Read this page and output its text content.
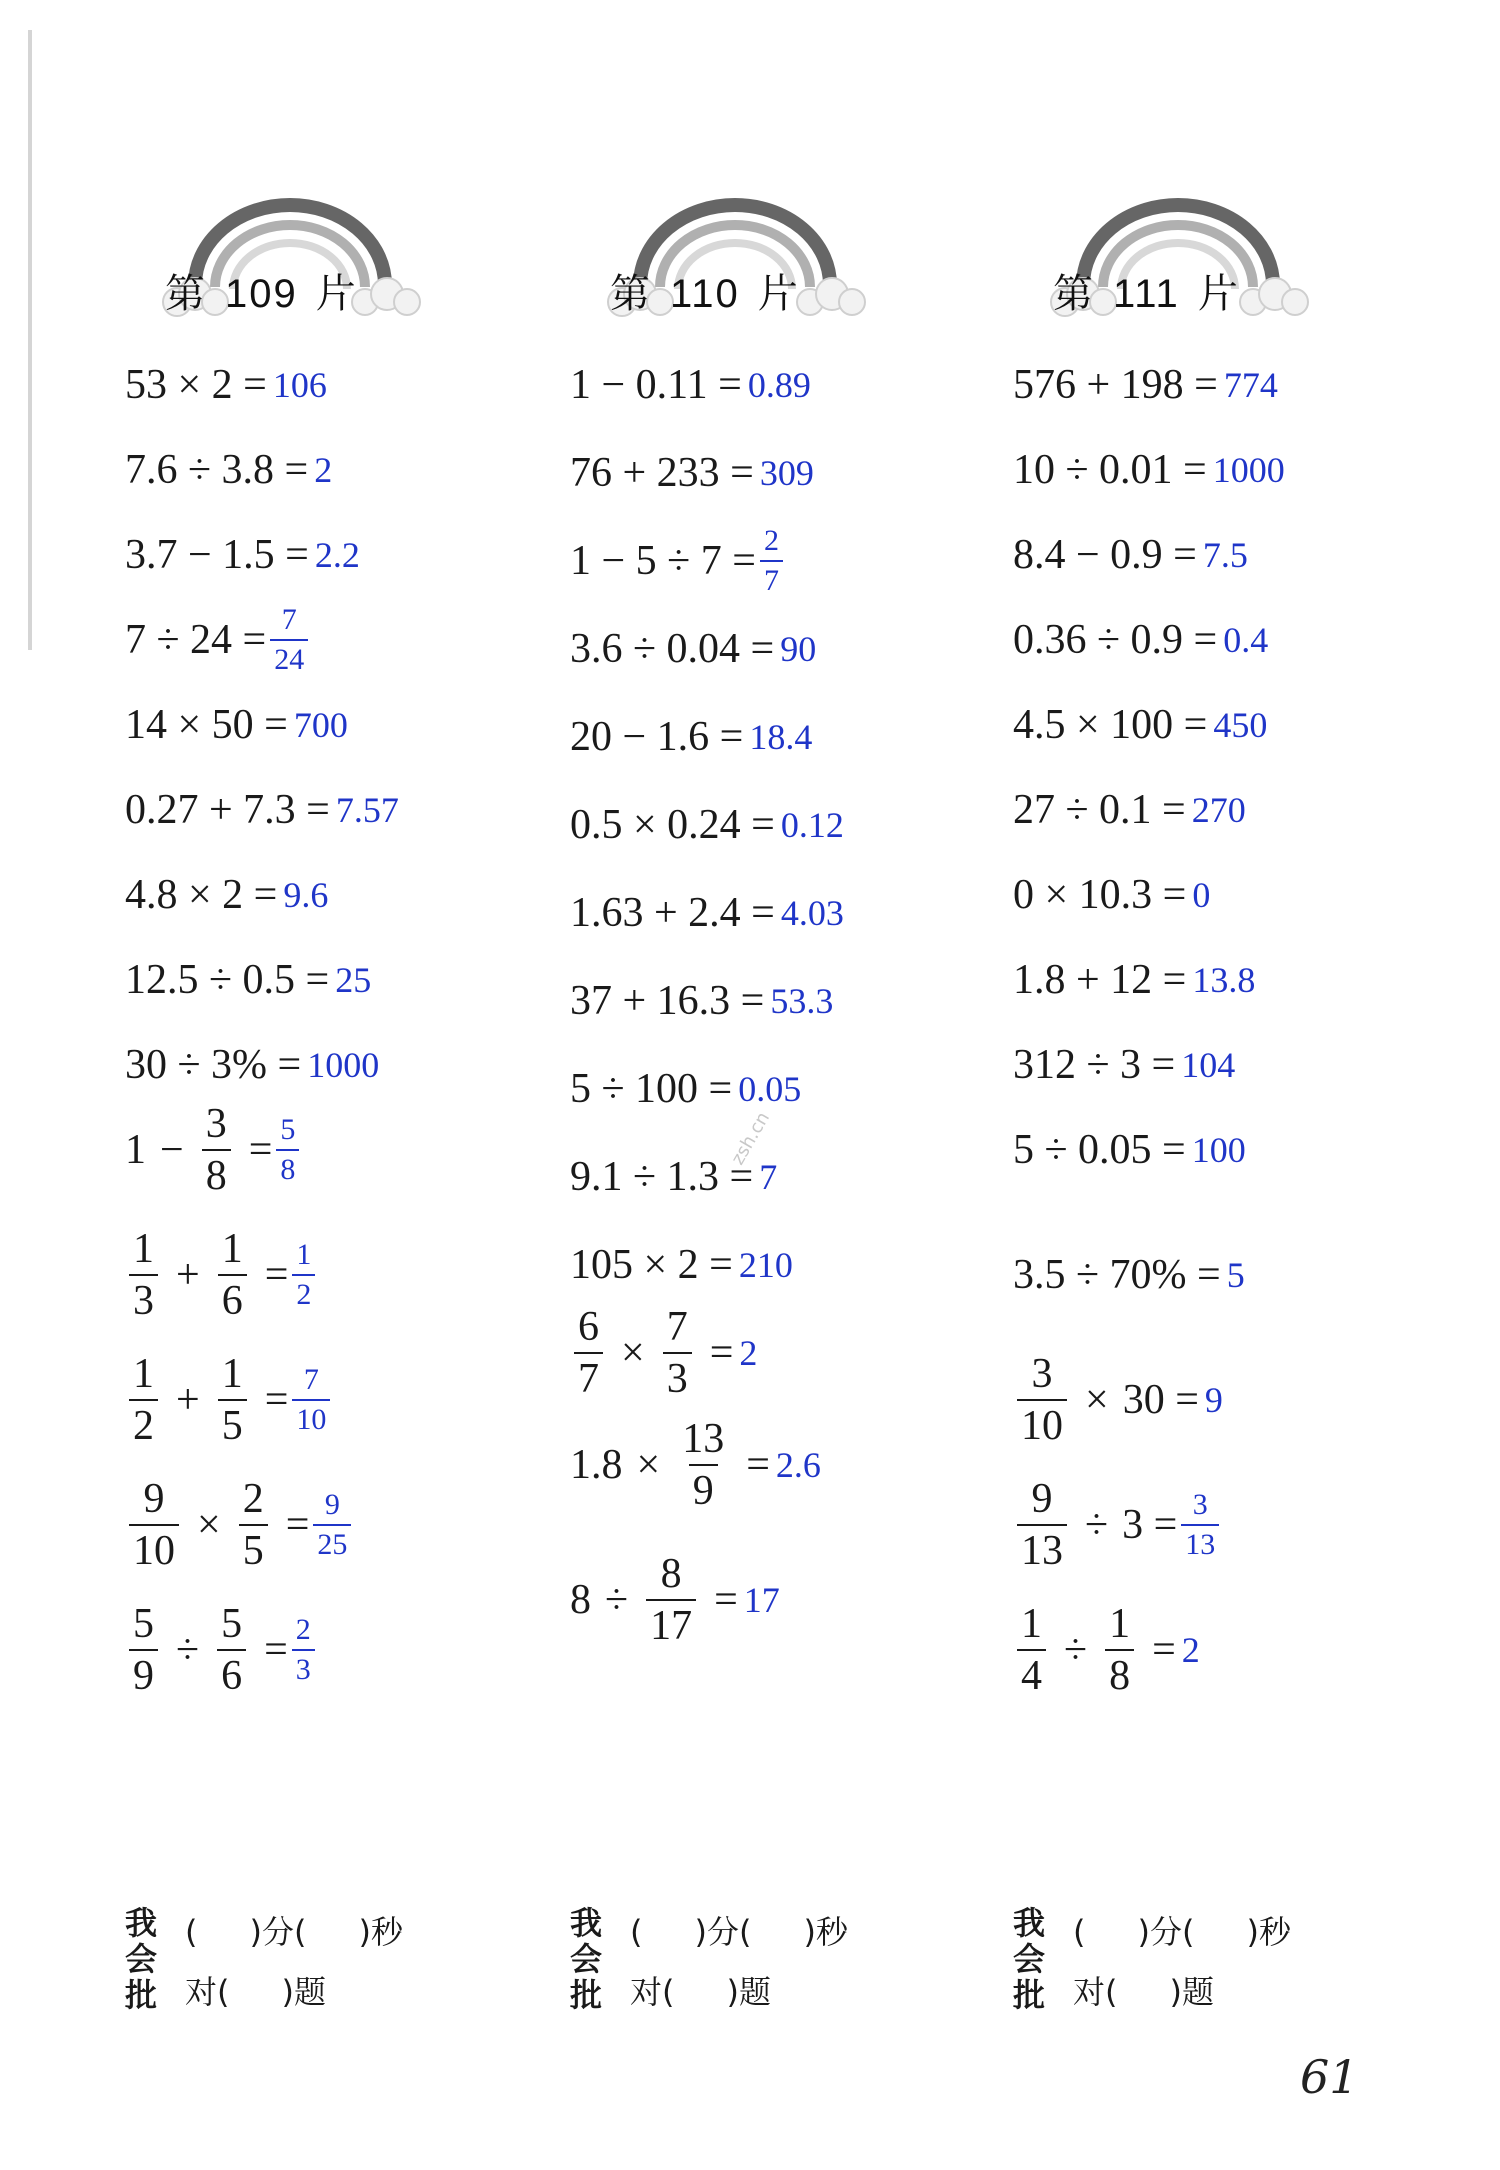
第 109 片
53 × 2 = 106
7.6 ÷ 3.8 = 2
3.7 − 1.5 = 2.2
$7 \div 24 = \frac{7}{24}$
14 × 50 = 700
0.27 + 7.3 = 7.57
4.8 × 2 = 9.6
12.5 ÷ 0.5 = 25
30 ÷ 3% = 1000
$1 - \frac{3}{8} = \frac{5}{8}$
$\frac{1}{3} + \frac{1}{6} = \frac{1}{2}$
$\frac{1}{2} + \frac{1}{5} = \frac{7}{10}$
$\frac{9}{10} \times \frac{2}{5} = \frac{9}{25}$
$\frac{5}{9} \div \frac{5}{6} = \frac{2}{3}$
我
会
批
( )分( )秒
对( )题
第 110 片
1 − 0.11 = 0.89
76 + 233 = 309
$1 - 5 \div 7 = \frac{2}{7}$
3.6 ÷ 0.04 = 90
20 − 1.6 = 18.4
0.5 × 0.24 = 0.12
1.63 + 2.4 = 4.03
37 + 16.3 = 53.3
5 ÷ 100 = 0.05
9.1 ÷ 1.3 = 7
105 × 2 = 210
$\frac{6}{7} \times \frac{7}{3} = 2$
$1.8 \times \frac{13}{9} = 2.6$
$8 \div \frac{8}{17} = 17$
我
会
批
( )分( )秒
对( )题
第 111 片
576 + 198 = 774
10 ÷ 0.01 = 1000
8.4 − 0.9 = 7.5
0.36 ÷ 0.9 = 0.4
4.5 × 100 = 450
27 ÷ 0.1 = 270
0 × 10.3 = 0
1.8 + 12 = 13.8
312 ÷ 3 = 104
5 ÷ 0.05 = 100
3.5 ÷ 70% = 5
$\frac{3}{10} \times 30 = 9$
$\frac{9}{13} \div 3 = \frac{3}{13}$
$\frac{1}{4} \div \frac{1}{8} = 2$
我
会
批
( )分( )秒
对( )题
zsh.cn
61
